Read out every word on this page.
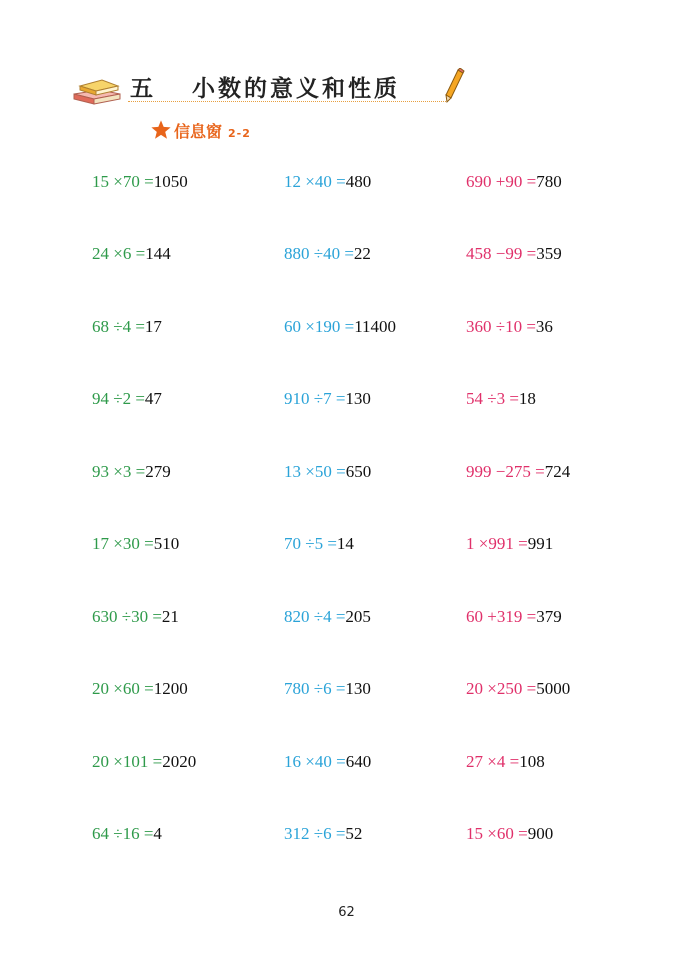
五 小数的意义和性质
信息窗 2-2
15 ×70 =1050
24 ×6 =144
68 ÷4 =17
94 ÷2 =47
93 ×3 =279
17 ×30 =510
630 ÷30 =21
20 ×60 =1200
20 ×101 =2020
64 ÷16 =4
12 ×40 =480
880 ÷40 =22
60 ×190 =11400
910 ÷7 =130
13 ×50 =650
70 ÷5 =14
820 ÷4 =205
780 ÷6 =130
16 ×40 =640
312 ÷6 =52
690 +90 =780
458 −99 =359
360 ÷10 =36
54 ÷3 =18
999 −275 =724
1 ×991 =991
60 +319 =379
20 ×250 =5000
27 ×4 =108
15 ×60 =900
62
